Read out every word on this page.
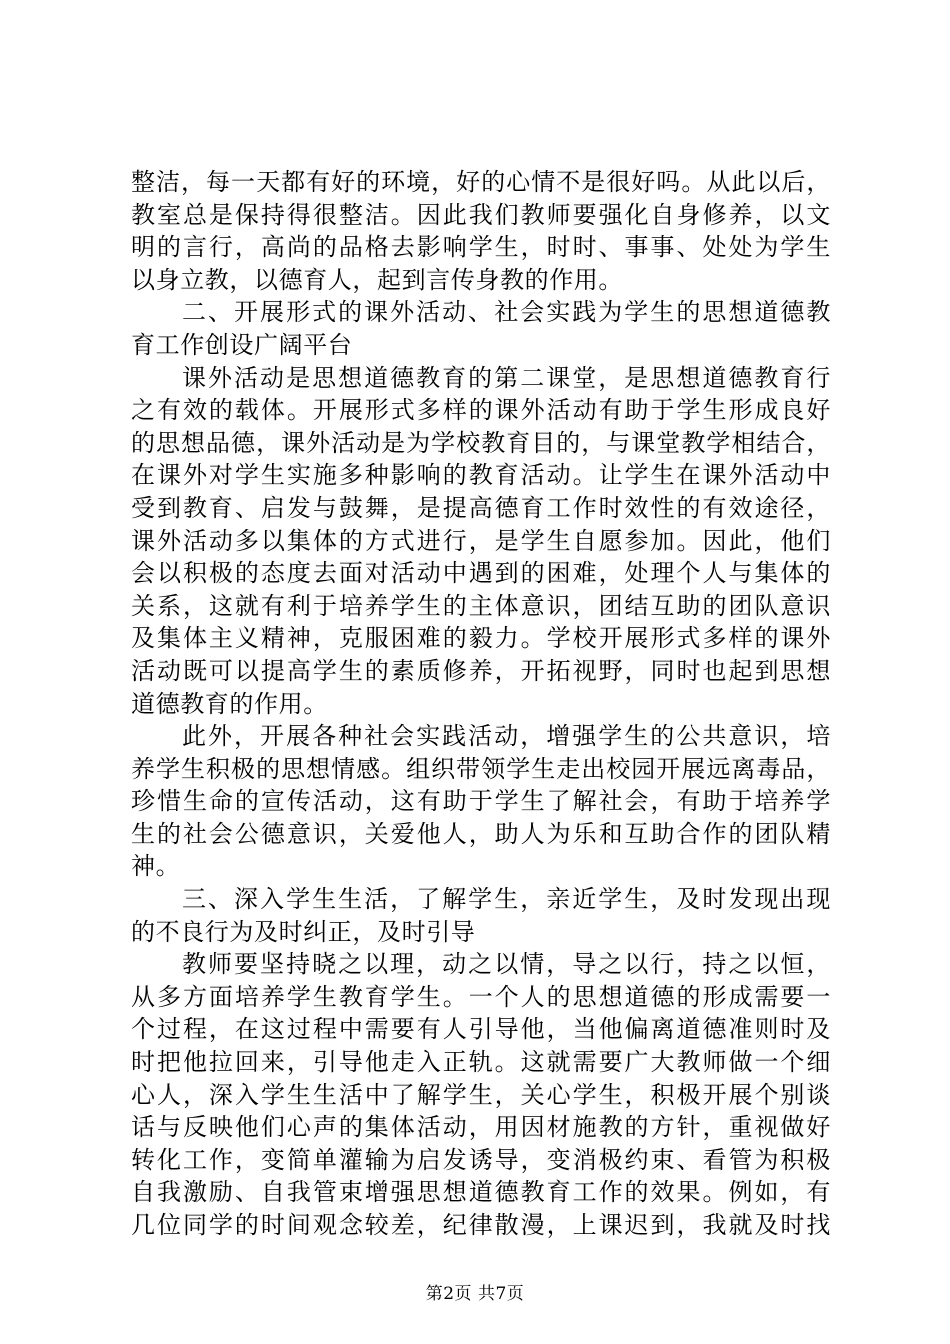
整洁，每一天都有好的环境，好的心情不是很好吗。从此以后，
教室总是保持得很整洁。因此我们教师要强化自身修养，以文
明的言行，高尚的品格去影响学生，时时、事事、处处为学生
以身立教，以德育人，起到言传身教的作用。
二、开展形式的课外活动、社会实践为学生的思想道德教
育工作创设广阔平台
课外活动是思想道德教育的第二课堂，是思想道德教育行
之有效的载体。开展形式多样的课外活动有助于学生形成良好
的思想品德，课外活动是为学校教育目的，与课堂教学相结合，
在课外对学生实施多种影响的教育活动。让学生在课外活动中
受到教育、启发与鼓舞，是提高德育工作时效性的有效途径，
课外活动多以集体的方式进行，是学生自愿参加。因此，他们
会以积极的态度去面对活动中遇到的困难，处理个人与集体的
关系，这就有利于培养学生的主体意识，团结互助的团队意识
及集体主义精神，克服困难的毅力。学校开展形式多样的课外
活动既可以提高学生的素质修养，开拓视野，同时也起到思想
道德教育的作用。
此外，开展各种社会实践活动，增强学生的公共意识，培
养学生积极的思想情感。组织带领学生走出校园开展远离毒品，
珍惜生命的宣传活动，这有助于学生了解社会，有助于培养学
生的社会公德意识，关爱他人，助人为乐和互助合作的团队精
神。
三、深入学生生活，了解学生，亲近学生，及时发现出现
的不良行为及时纠正，及时引导
教师要坚持晓之以理，动之以情，导之以行，持之以恒，
从多方面培养学生教育学生。一个人的思想道德的形成需要一
个过程，在这过程中需要有人引导他，当他偏离道德准则时及
时把他拉回来，引导他走入正轨。这就需要广大教师做一个细
心人，深入学生生活中了解学生，关心学生，积极开展个别谈
话与反映他们心声的集体活动，用因材施教的方针，重视做好
转化工作，变简单灌输为启发诱导，变消极约束、看管为积极
自我激励、自我管束增强思想道德教育工作的效果。例如，有
几位同学的时间观念较差，纪律散漫，上课迟到，我就及时找
第2页 共7页
